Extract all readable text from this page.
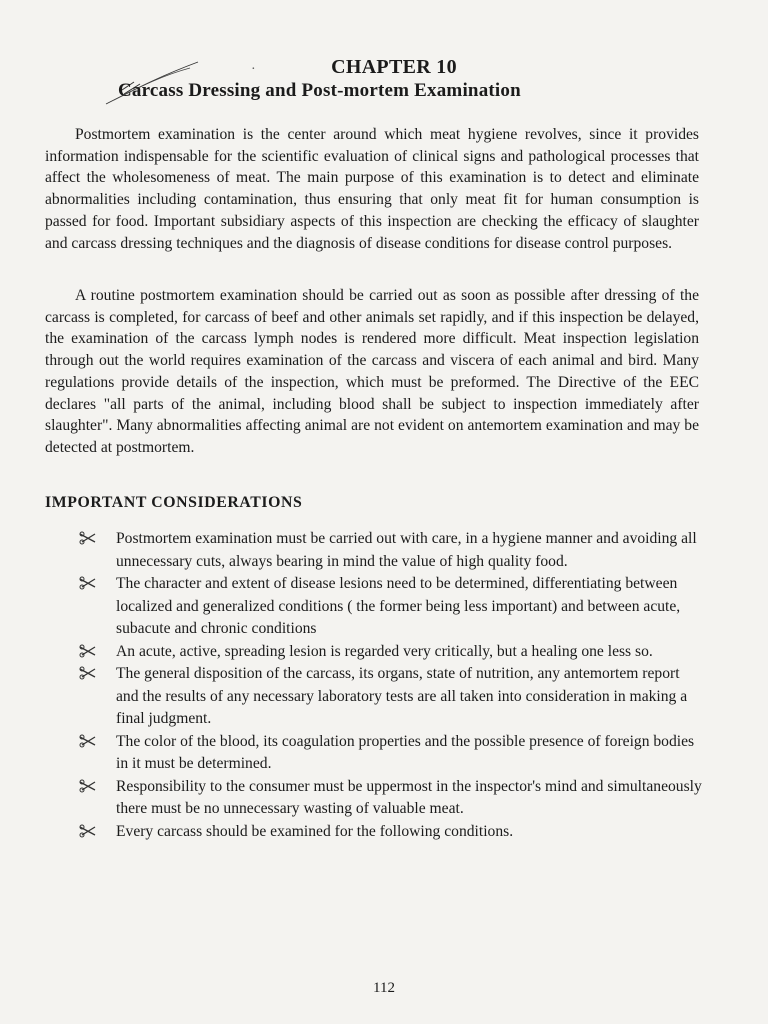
·	CHAPTER 10
Carcass Dressing and Post-mortem Examination

Postmortem examination is the center around which meat hygiene revolves, since it provides information indispensable for the scientific evaluation of clinical signs and pathological processes that affect the wholesomeness of meat. The main purpose of this examination is to detect and eliminate abnormalities including contamination, thus ensuring that only meat fit for human consumption is passed for food. Important subsidiary aspects of this inspection are checking the efficacy of slaughter and carcass dressing techniques and the diagnosis of disease conditions for disease control purposes.

A routine postmortem examination should be carried out as soon as possible after dressing of the carcass is completed, for carcass of beef and other animals set rapidly, and if this inspection be delayed, the examination of the carcass lymph nodes is rendered more difficult. Meat inspection legislation through out the world requires examination of the carcass and viscera of each animal and bird. Many regulations provide details of the inspection, which must be preformed. The Directive of the EEC declares "all parts of the animal, including blood shall be subject to inspection immediately after slaughter". Many abnormalities affecting animal are not evident on antemortem examination and may be detected at postmortem.

IMPORTANT CONSIDERATIONS
Postmortem examination must be carried out with care, in a hygiene manner and avoiding all unnecessary cuts, always bearing in mind the value of high quality food.
The character and extent of disease lesions need to be determined, differentiating between localized and generalized conditions ( the former being less important) and between acute, subacute and chronic conditions
An acute, active, spreading lesion is regarded very critically, but a healing one less so.
The general disposition of the carcass, its organs, state of nutrition, any antemortem report and the results of any necessary laboratory tests are all taken into consideration in making a final judgment.
The color of the blood, its coagulation properties and the possible presence of foreign bodies in it must be determined.
Responsibility to the consumer must be uppermost in the inspector's mind and simultaneously there must be no unnecessary wasting of valuable meat.
Every carcass should be examined for the following conditions.
112
